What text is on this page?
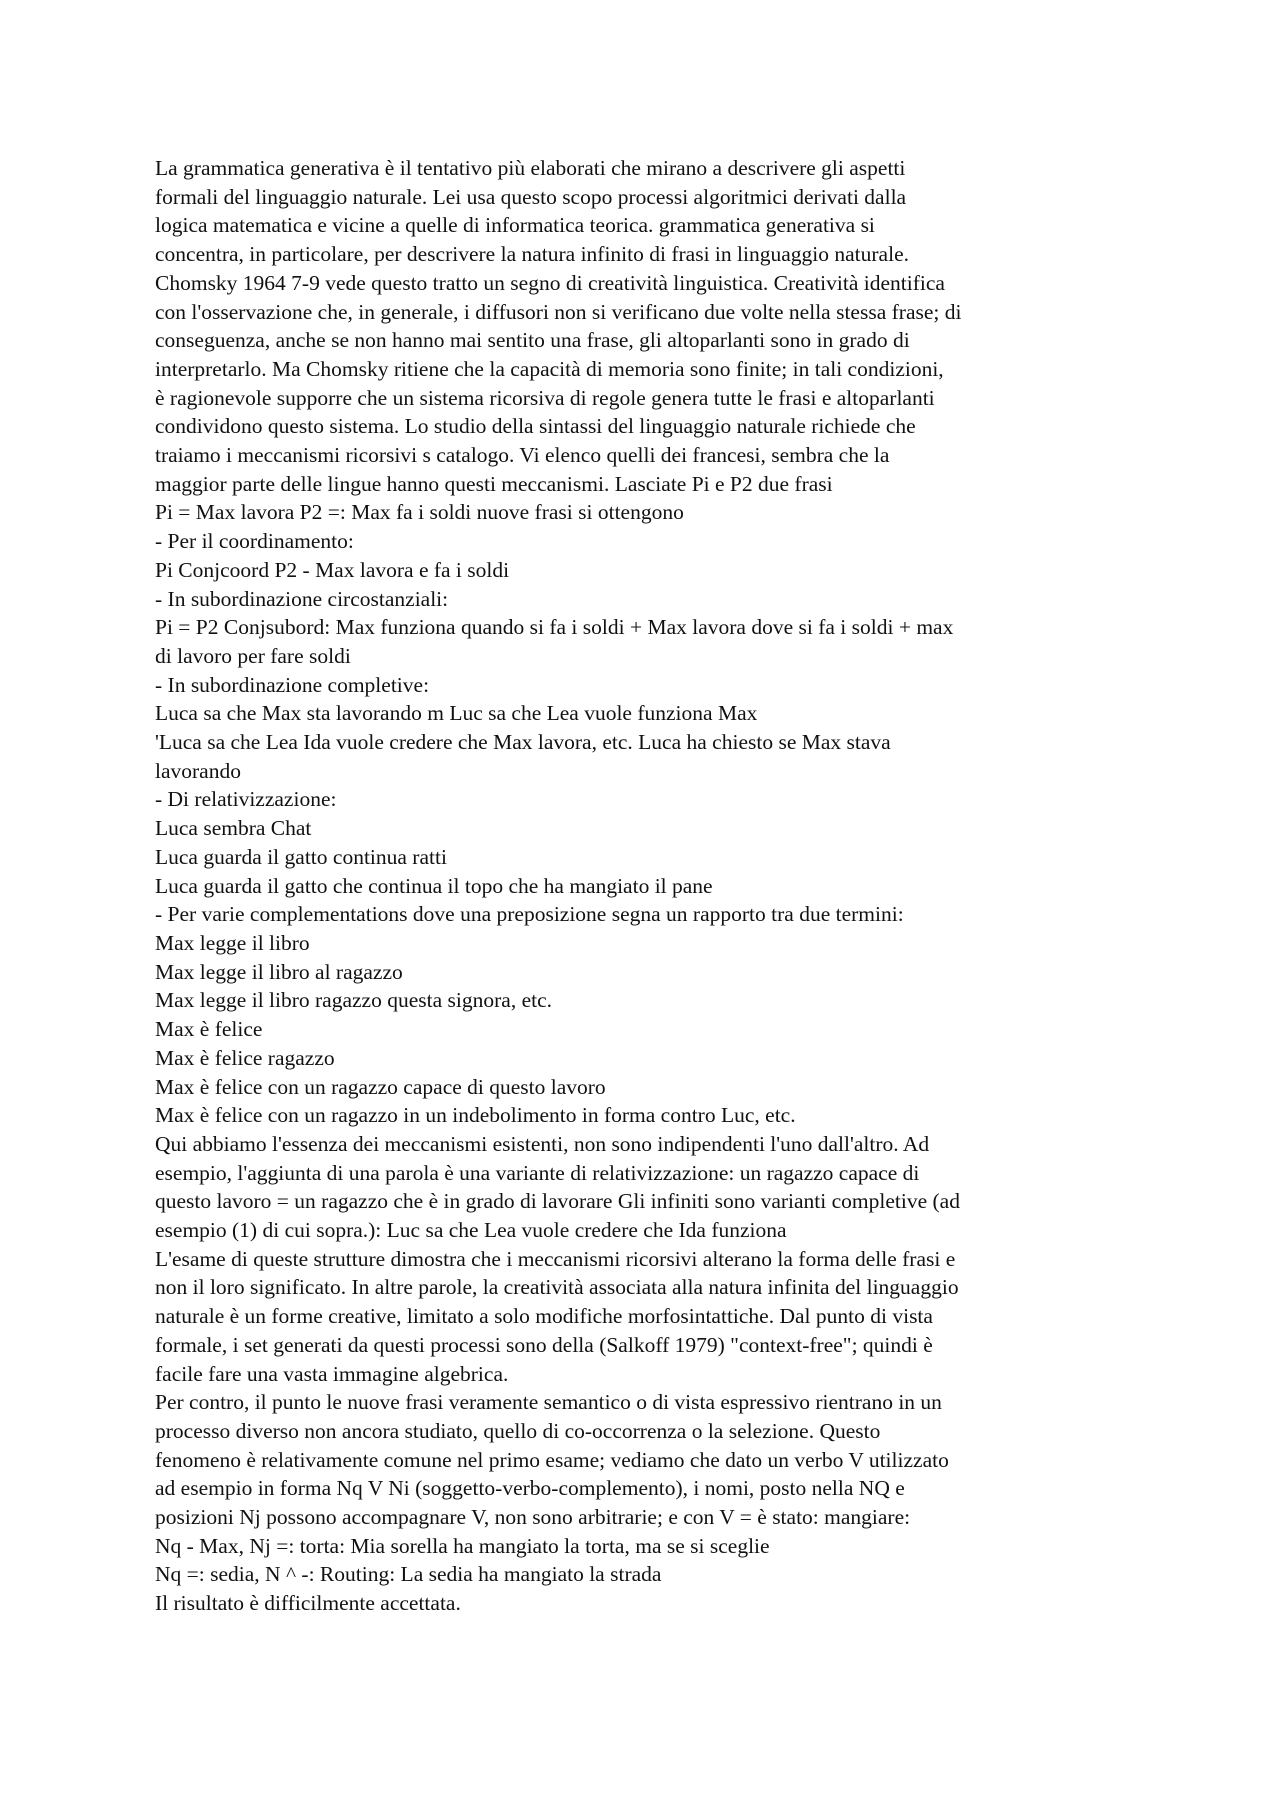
La grammatica generativa è il tentativo più elaborati che mirano a descrivere gli aspetti
formali del linguaggio naturale. Lei usa questo scopo processi algoritmici derivati dalla
logica matematica e vicine a quelle di informatica teorica. grammatica generativa si
concentra, in particolare, per descrivere la natura infinito di frasi in linguaggio naturale.
Chomsky 1964 7-9 vede questo tratto un segno di creatività linguistica. Creatività identifica
con l'osservazione che, in generale, i diffusori non si verificano due volte nella stessa frase; di
conseguenza, anche se non hanno mai sentito una frase, gli altoparlanti sono in grado di
interpretarlo. Ma Chomsky ritiene che la capacità di memoria sono finite; in tali condizioni,
è ragionevole supporre che un sistema ricorsiva di regole genera tutte le frasi e altoparlanti
condividono questo sistema. Lo studio della sintassi del linguaggio naturale richiede che
traiamo i meccanismi ricorsivi s catalogo. Vi elenco quelli dei francesi, sembra che la
maggior parte delle lingue hanno questi meccanismi. Lasciate Pi e P2 due frasi
Pi = Max lavora P2 =: Max fa i soldi nuove frasi si ottengono
- Per il coordinamento:
Pi Conjcoord P2 - Max lavora e fa i soldi
- In subordinazione circostanziali:
Pi = P2 Conjsubord: Max funziona quando si fa i soldi + Max lavora dove si fa i soldi + max
di lavoro per fare soldi
- In subordinazione completive:
Luca sa che Max sta lavorando m Luc sa che Lea vuole funziona Max
'Luca sa che Lea Ida vuole credere che Max lavora, etc. Luca ha chiesto se Max stava
lavorando
- Di relativizzazione:
Luca sembra Chat
Luca guarda il gatto continua ratti
Luca guarda il gatto che continua il topo che ha mangiato il pane
- Per varie complementations dove una preposizione segna un rapporto tra due termini:
Max legge il libro
Max legge il libro al ragazzo
Max legge il libro ragazzo questa signora, etc.
Max è felice
Max è felice ragazzo
Max è felice con un ragazzo capace di questo lavoro
Max è felice con un ragazzo in un indebolimento in forma contro Luc, etc.
Qui abbiamo l'essenza dei meccanismi esistenti, non sono indipendenti l'uno dall'altro. Ad
esempio, l'aggiunta di una parola è una variante di relativizzazione: un ragazzo capace di
questo lavoro = un ragazzo che è in grado di lavorare Gli infiniti sono varianti completive (ad
esempio (1) di cui sopra.): Luc sa che Lea vuole credere che Ida funziona
L'esame di queste strutture dimostra che i meccanismi ricorsivi alterano la forma delle frasi e
non il loro significato. In altre parole, la creatività associata alla natura infinita del linguaggio
naturale è un forme creative, limitato a solo modifiche morfosintattiche. Dal punto di vista
formale, i set generati da questi processi sono della (Salkoff 1979) "context-free"; quindi è
facile fare una vasta immagine algebrica.
Per contro, il punto le nuove frasi veramente semantico o di vista espressivo rientrano in un
processo diverso non ancora studiato, quello di co-occorrenza o la selezione. Questo
fenomeno è relativamente comune nel primo esame; vediamo che dato un verbo V utilizzato
ad esempio in forma Nq V Ni (soggetto-verbo-complemento), i nomi, posto nella NQ e
posizioni Nj possono accompagnare V, non sono arbitrarie; e con V = è stato: mangiare:
Nq - Max, Nj =: torta: Mia sorella ha mangiato la torta, ma se si sceglie
Nq =: sedia, N ^ -: Routing: La sedia ha mangiato la strada
Il risultato è difficilmente accettata.
